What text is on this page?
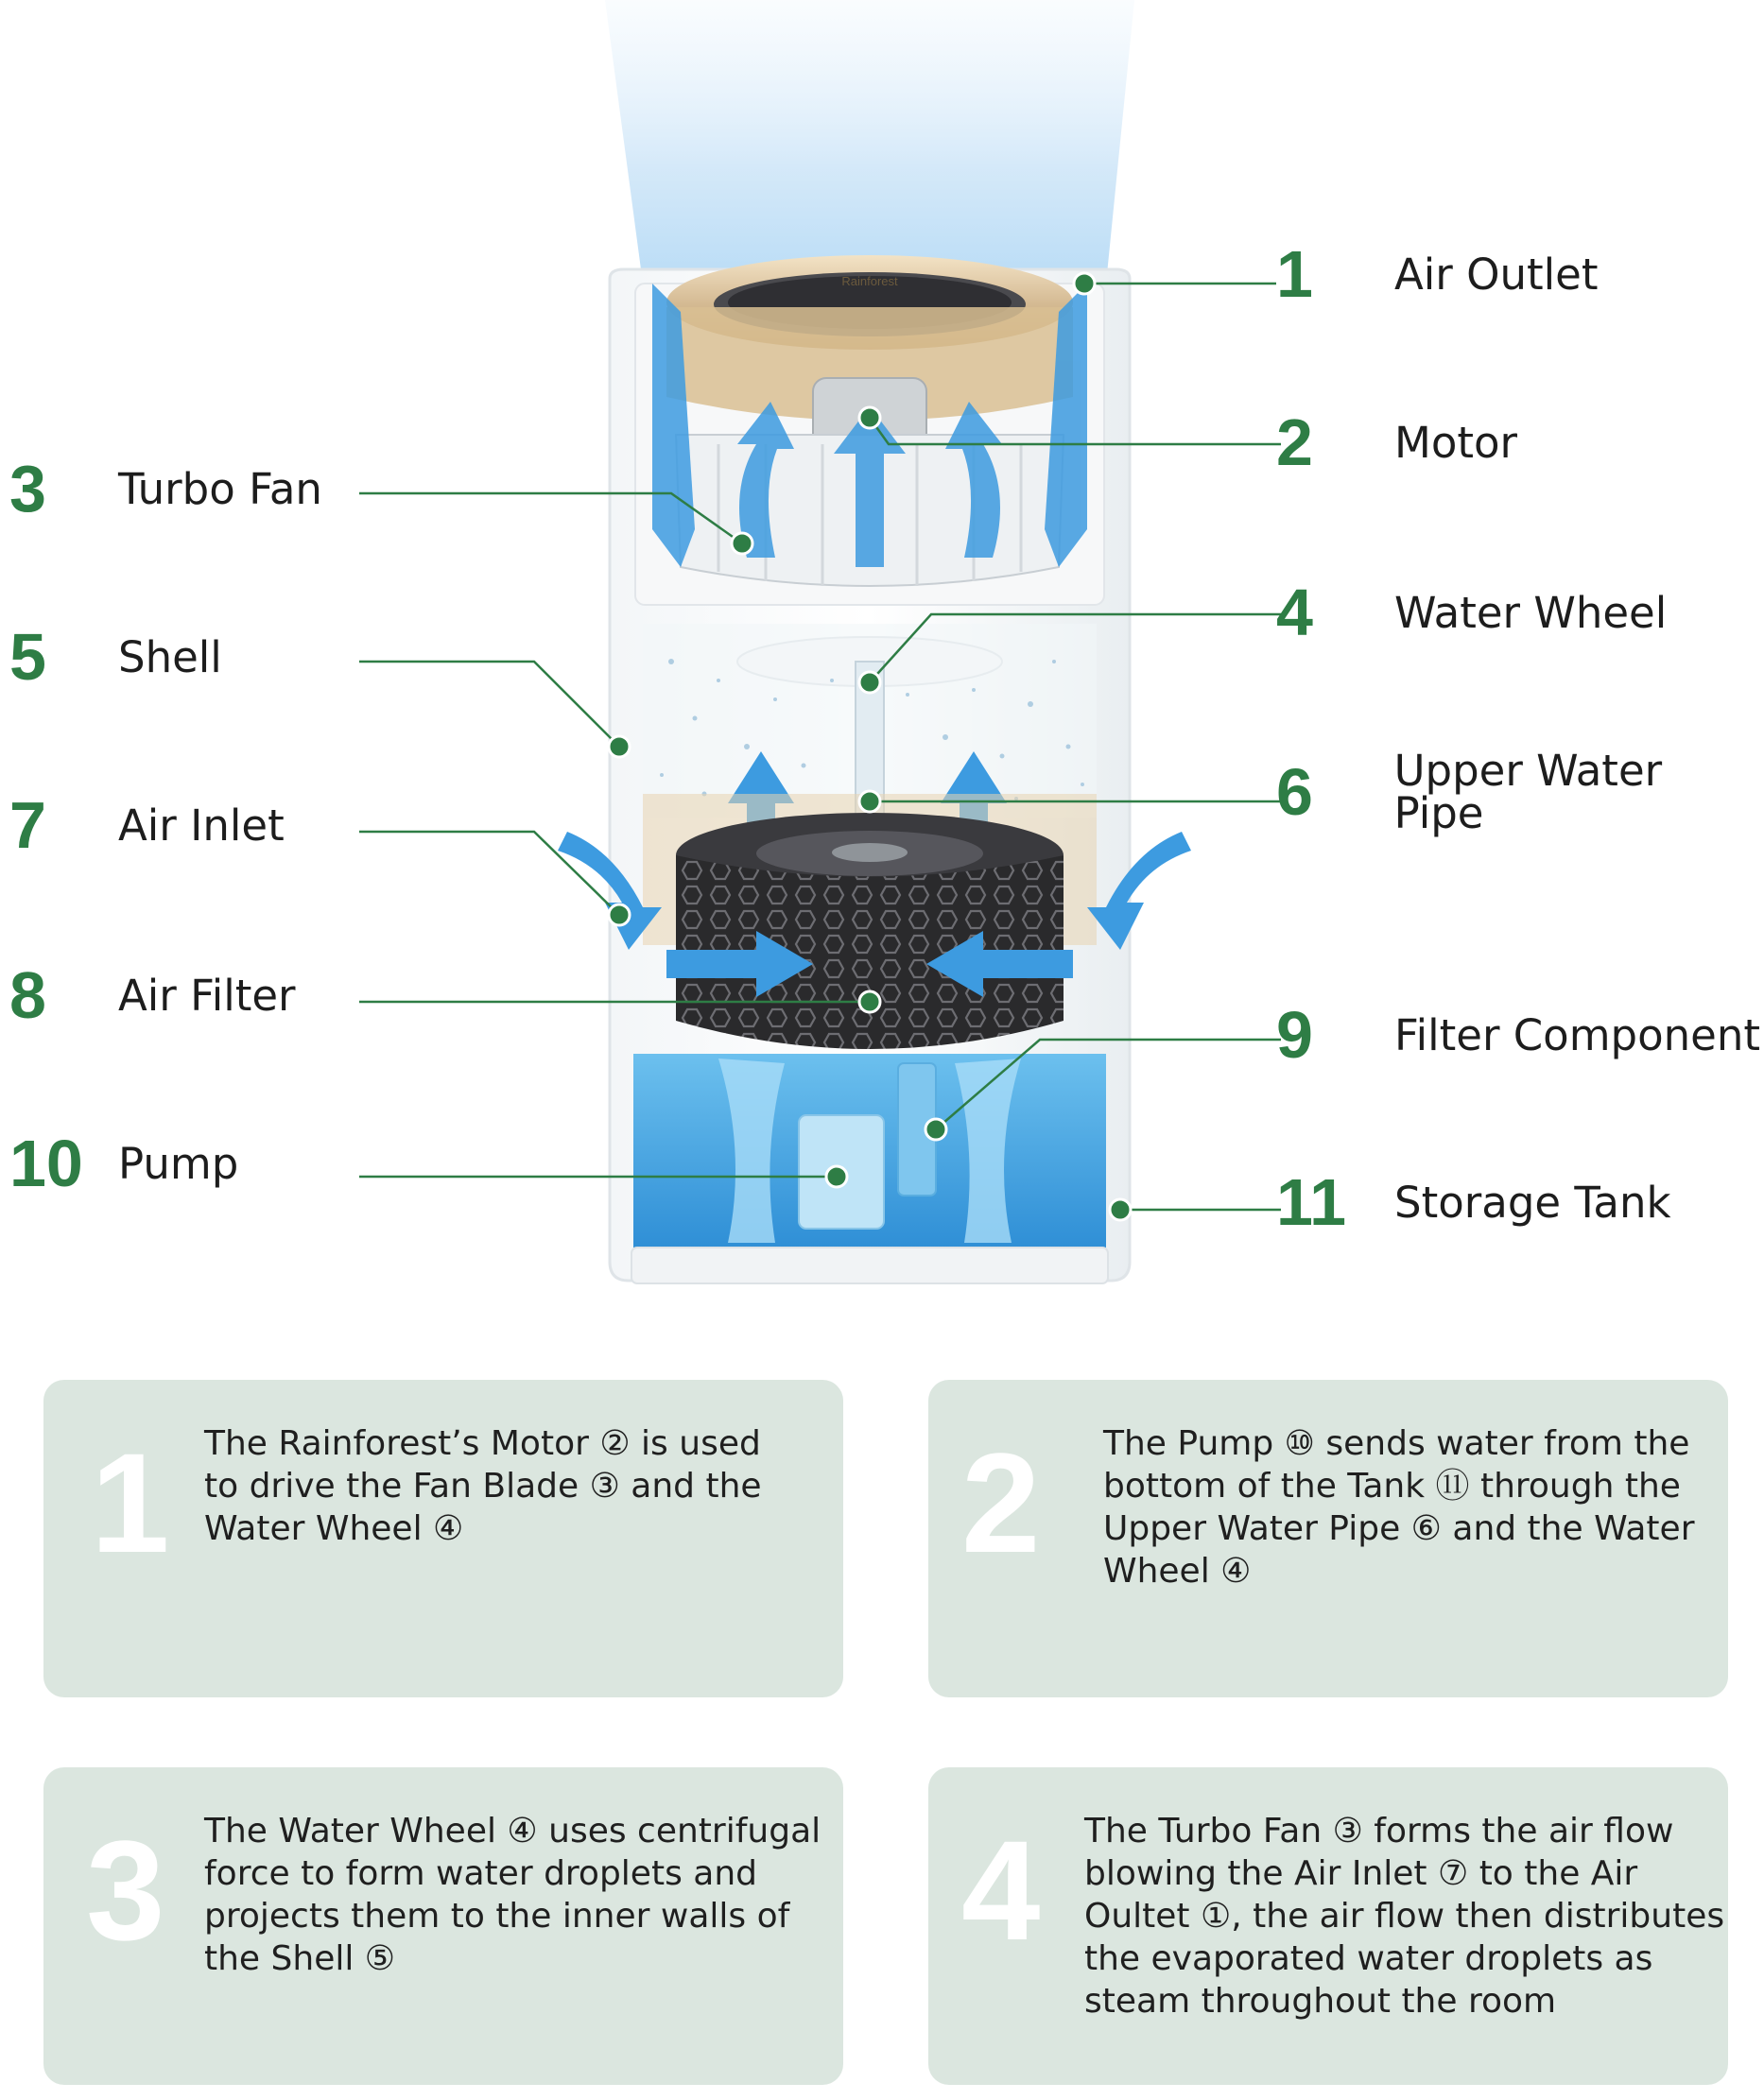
Rainforest	1	Air Outlet
2	Motor
4	Water Wheel
6	Upper Water Pipe
9	Filter Component
11	Storage Tank
3	Turbo Fan
5	Shell
7	Air Inlet
8	Air Filter
10 Pump
1 The Rainforest’s Motor ② is used
to drive the Fan Blade ③ and the
Water Wheel ④	2 The Pump ⑩ sends water from the
bottom of the Tank ⑪ through the
Upper Water Pipe ⑥ and the Water
Wheel ④
3 The Water Wheel ④ uses centrifugal
force to form water droplets and
projects them to the inner walls of
the Shell ⑤	4 The Turbo Fan ③ forms the air flow
blowing the Air Inlet ⑦ to the Air
Oultet ①, the air flow then distributes
the evaporated water droplets as
steam throughout the room
